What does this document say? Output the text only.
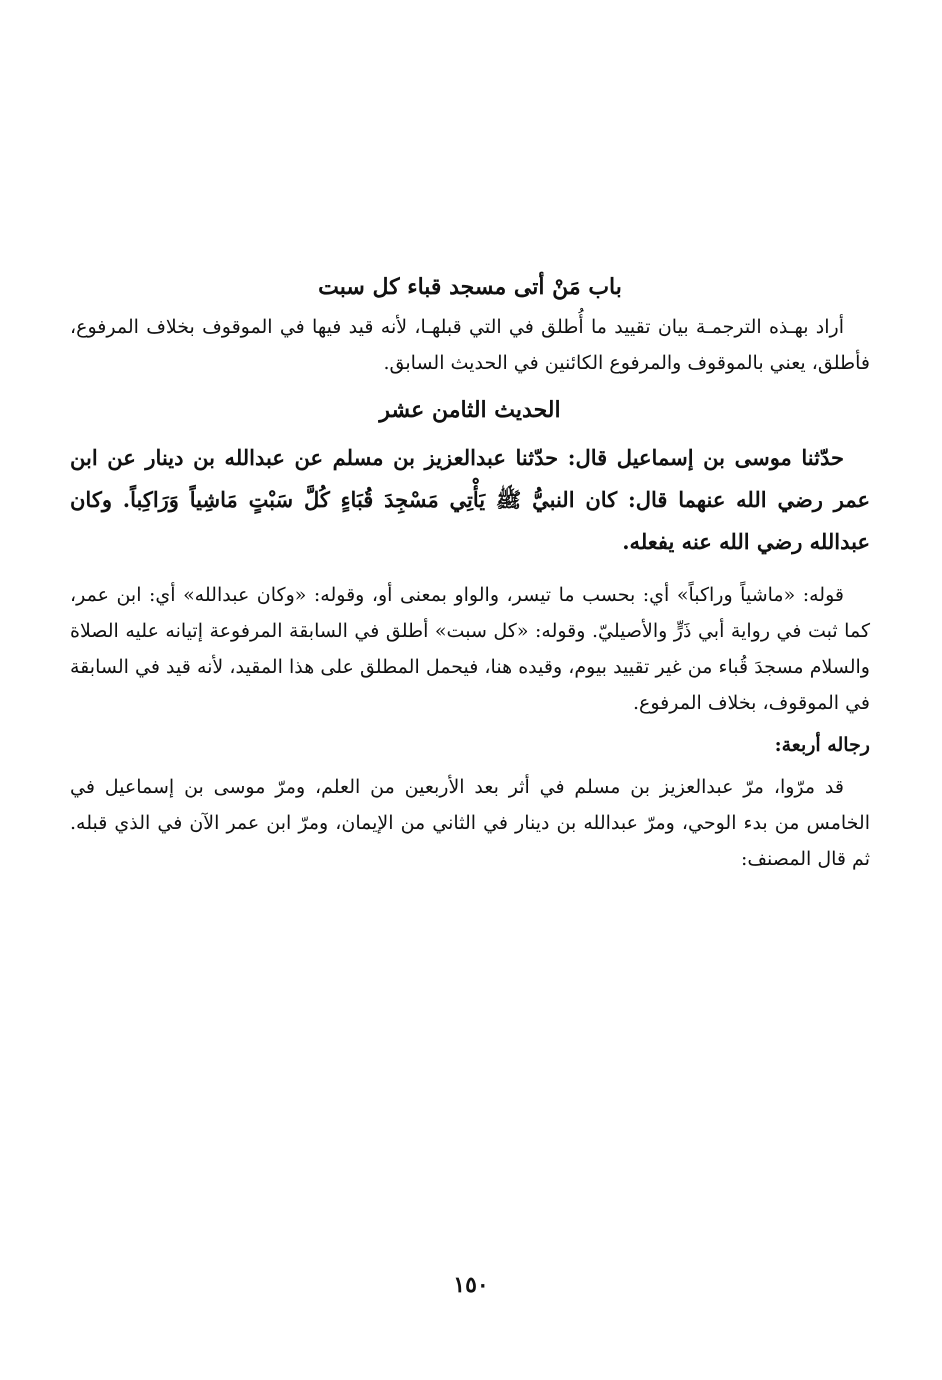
باب مَنْ أتى مسجد قباء كل سبت

أراد بهـذه الترجمـة بيان تقييد ما أُطلق في التي قبلهـا، لأنه قيد فيها في الموقوف بخلاف المرفوع، فأطلق، يعني بالموقوف والمرفوع الكائنين في الحديث السابق.

الحديث الثامن عشر

حدّثنا موسى بن إسماعيل قال: حدّثنا عبدالعزيز بن مسلم عن عبدالله بن دينار عن ابن عمر رضي الله عنهما قال: كان النبيُّ ﷺ يَأْتِي مَسْجِدَ قُبَاءٍ كُلَّ سَبْتٍ مَاشِياً وَرَاكِباً. وكان عبدالله رضي الله عنه يفعله.

قوله: «ماشياً وراكباً» أي: بحسب ما تيسر، والواو بمعنى أو، وقوله: «وكان عبدالله» أي: ابن عمر، كما ثبت في رواية أبي ذَرٍّ والأصيليّ. وقوله: «كل سبت» أطلق في السابقة المرفوعة إتيانه عليه الصلاة والسلام مسجدَ قُباء من غير تقييد بيوم، وقيده هنا، فيحمل المطلق على هذا المقيد، لأنه قيد في السابقة في الموقوف، بخلاف المرفوع.

رجاله أربعة:

قد مرّوا، مرّ عبدالعزيز بن مسلم في أثر بعد الأربعين من العلم، ومرّ موسى بن إسماعيل في الخامس من بدء الوحي، ومرّ عبدالله بن دينار في الثاني من الإيمان، ومرّ ابن عمر الآن في الذي قبله. ثم قال المصنف:

١٥٠
